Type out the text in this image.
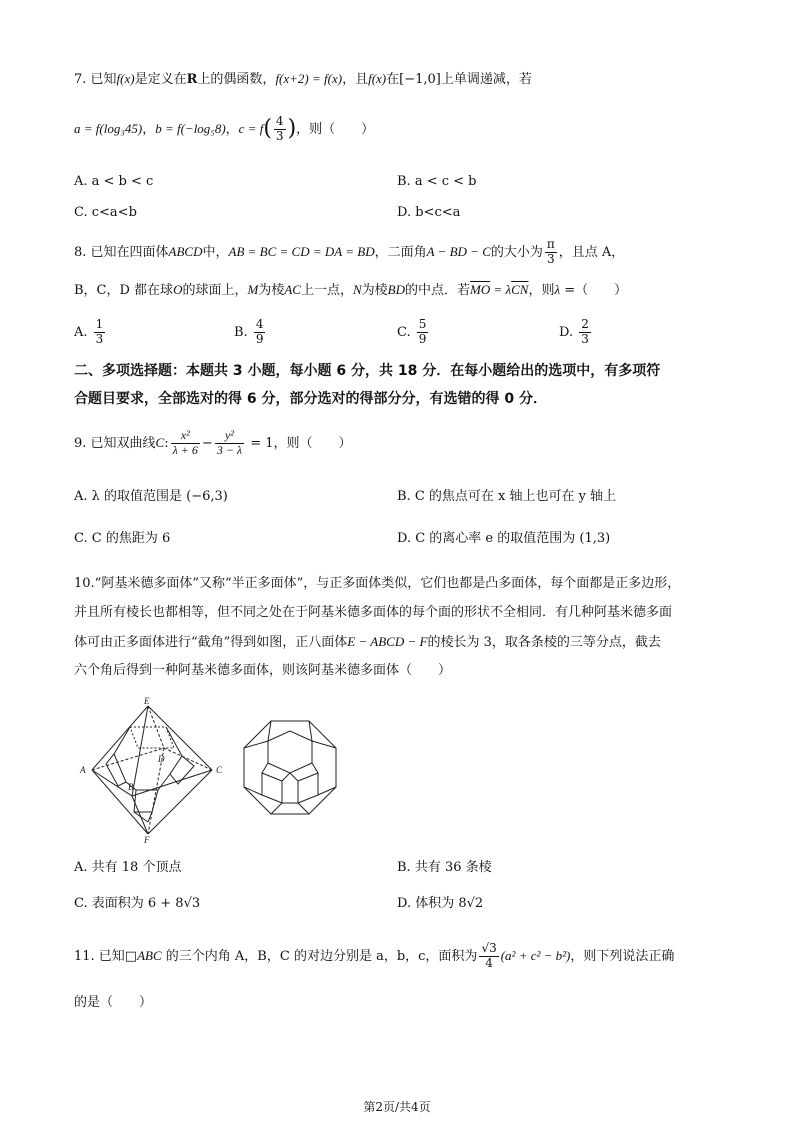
7. 已知f(x)是定义在R上的偶函数，f(x+2) = f(x)，且f(x)在[−1,0]上单调递减，若
a = f(log₃45)，b = f(−log₅8)，$c = f( \frac{4}{3}$ )，则（　　）
A. a < b < c	B. a < c < b
C. c<a<b	D. b<c<a
8. 已知在四面体ABCD中，AB = BC = CD = DA = BD，二面角A − BD − C的大小为 $\frac{\pi}{3}$ ，且点 A，
B，C，D 都在球O的球面上，M为棱AC上一点，N为棱BD的中点．若$\overline{MO} = \lambda\overline{CN}$，则λ =（　　）
A. $\frac{1}{3}$	B. $\frac{4}{9}$	C. $\frac{5}{9}$	D. $\frac{2}{3}$
二、多项选择题：本题共 3 小题，每小题 6 分，共 18 分．在每小题给出的选项中，有多项符
合题目要求，全部选对的得 6 分，部分选对的得部分分，有选错的得 0 分．
9. 已知双曲线C: $\frac{\text{x²}}{\lambda + 6} - \frac{\text{y²}}{3 - \lambda} = 1$，则（　　）
A. λ 的取值范围是 (−6,3)	B. C 的焦点可在 x 轴上也可在 y 轴上
C. C 的焦距为 6	D. C 的离心率 e 的取值范围为 (1,3)
10.“阿基米德多面体”又称“半正多面体”，与正多面体类似，它们也都是凸多面体，每个面都是正多边形，
并且所有棱长也都相等，但不同之处在于阿基米德多面体的每个面的形状不全相同．有几种阿基米德多面
体可由正多面体进行“截角”得到如图，正八面体E − ABCD − F的棱长为 3，取各条棱的三等分点，截去
六个角后得到一种阿基米德多面体，则该阿基米德多面体（　　）
E
A
B
C
D
F
A. 共有 18 个顶点	B. 共有 36 条棱
C. 表面积为 6 + 8√3	D. 体积为 8√2
11. 已知□ABC 的三个内角 A，B，C 的对边分别是 a，b，c，面积为 $\frac{√3}{4} (a^2 + c^2 - b^2)$，则下列说法正确
的是（　　）
第2页/共4页
